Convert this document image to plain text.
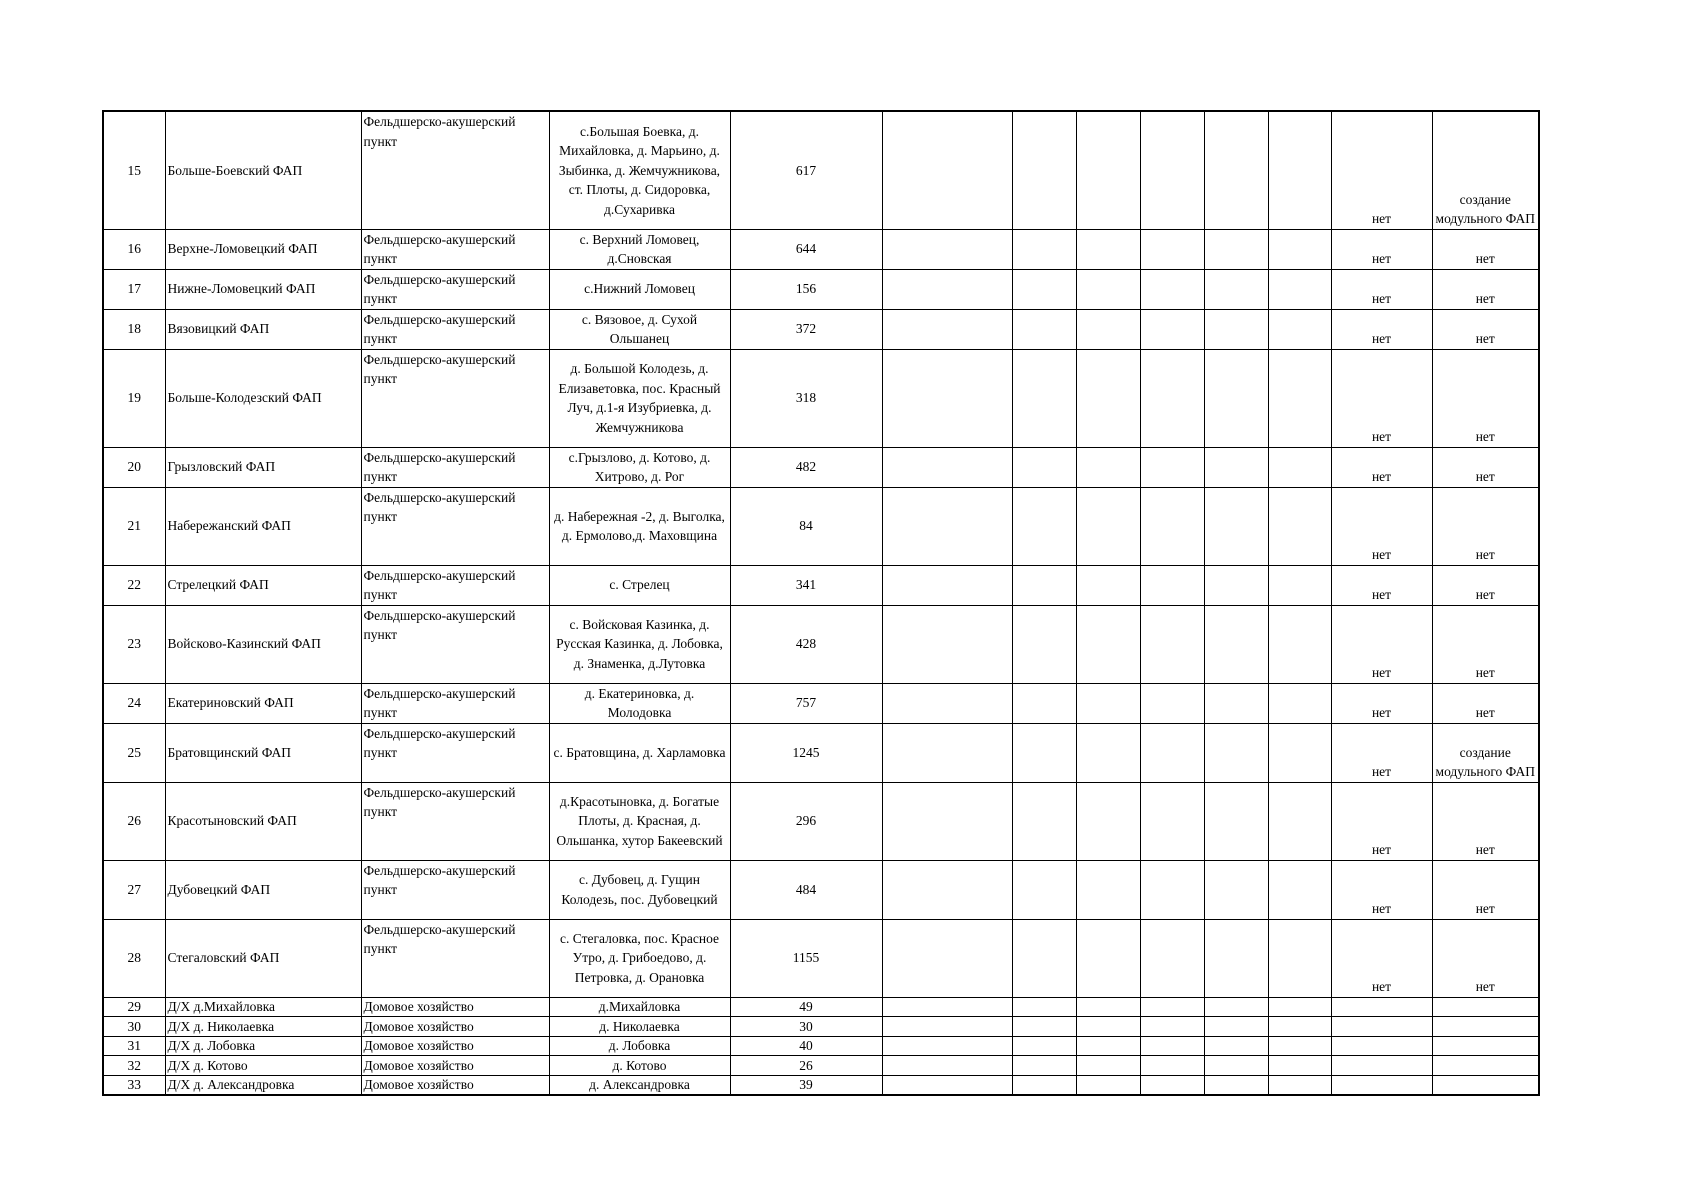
15	Больше-Боевский ФАП	Фельдшерско-акушерский пункт	с.Большая Боевка, д. Михайловка, д. Марьино, д. Зыбинка, д. Жемчужникова, ст. Плоты, д. Сидоровка, д.Сухаривка	617							нет	создание модульного ФАП
16	Верхне-Ломовецкий ФАП	Фельдшерско-акушерский пункт	с. Верхний Ломовец, д.Сновская	644							нет	нет
17	Нижне-Ломовецкий ФАП	Фельдшерско-акушерский пункт	с.Нижний Ломовец	156							нет	нет
18	Вязовицкий ФАП	Фельдшерско-акушерский пункт	с. Вязовое, д. Сухой Ольшанец	372							нет	нет
19	Больше-Колодезский ФАП	Фельдшерско-акушерский пункт	д. Большой Колодезь, д. Елизаветовка, пос. Красный Луч, д.1-я Изубриевка, д. Жемчужникова	318							нет	нет
20	Грызловский ФАП	Фельдшерско-акушерский пункт	с.Грызлово, д. Котово, д. Хитрово, д. Рог	482							нет	нет
21	Набережанский ФАП	Фельдшерско-акушерский пункт	д. Набережная -2, д. Выголка, д. Ермолово,д. Маховщина	84							нет	нет
22	Стрелецкий ФАП	Фельдшерско-акушерский пункт	с. Стрелец	341							нет	нет
23	Войсково-Казинский ФАП	Фельдшерско-акушерский пункт	с. Войсковая Казинка, д. Русская Казинка, д. Лобовка, д. Знаменка, д.Лутовка	428							нет	нет
24	Екатериновский ФАП	Фельдшерско-акушерский пункт	д. Екатериновка, д. Молодовка	757							нет	нет
25	Братовщинский ФАП	Фельдшерско-акушерский пункт	с. Братовщина, д. Харламовка	1245							нет	создание модульного ФАП
26	Красотыновский ФАП	Фельдшерско-акушерский пункт	д.Красотыновка, д. Богатые Плоты, д. Красная, д. Ольшанка, хутор Бакеевский	296							нет	нет
27	Дубовецкий ФАП	Фельдшерско-акушерский пункт	с. Дубовец, д. Гущин Колодезь, пос. Дубовецкий	484							нет	нет
28	Стегаловский ФАП	Фельдшерско-акушерский пункт	с. Стегаловка, пос. Красное Утро, д. Грибоедово, д. Петровка, д. Орановка	1155							нет	нет
29	Д/Х д.Михайловка	Домовое хозяйство	д.Михайловка	49								
30	Д/Х д. Николаевка	Домовое хозяйство	д. Николаевка	30								
31	Д/Х д. Лобовка	Домовое хозяйство	д. Лобовка	40								
32	Д/Х д. Котово	Домовое хозяйство	д. Котово	26								
33	Д/Х д. Александровка	Домовое хозяйство	д. Александровка	39								
